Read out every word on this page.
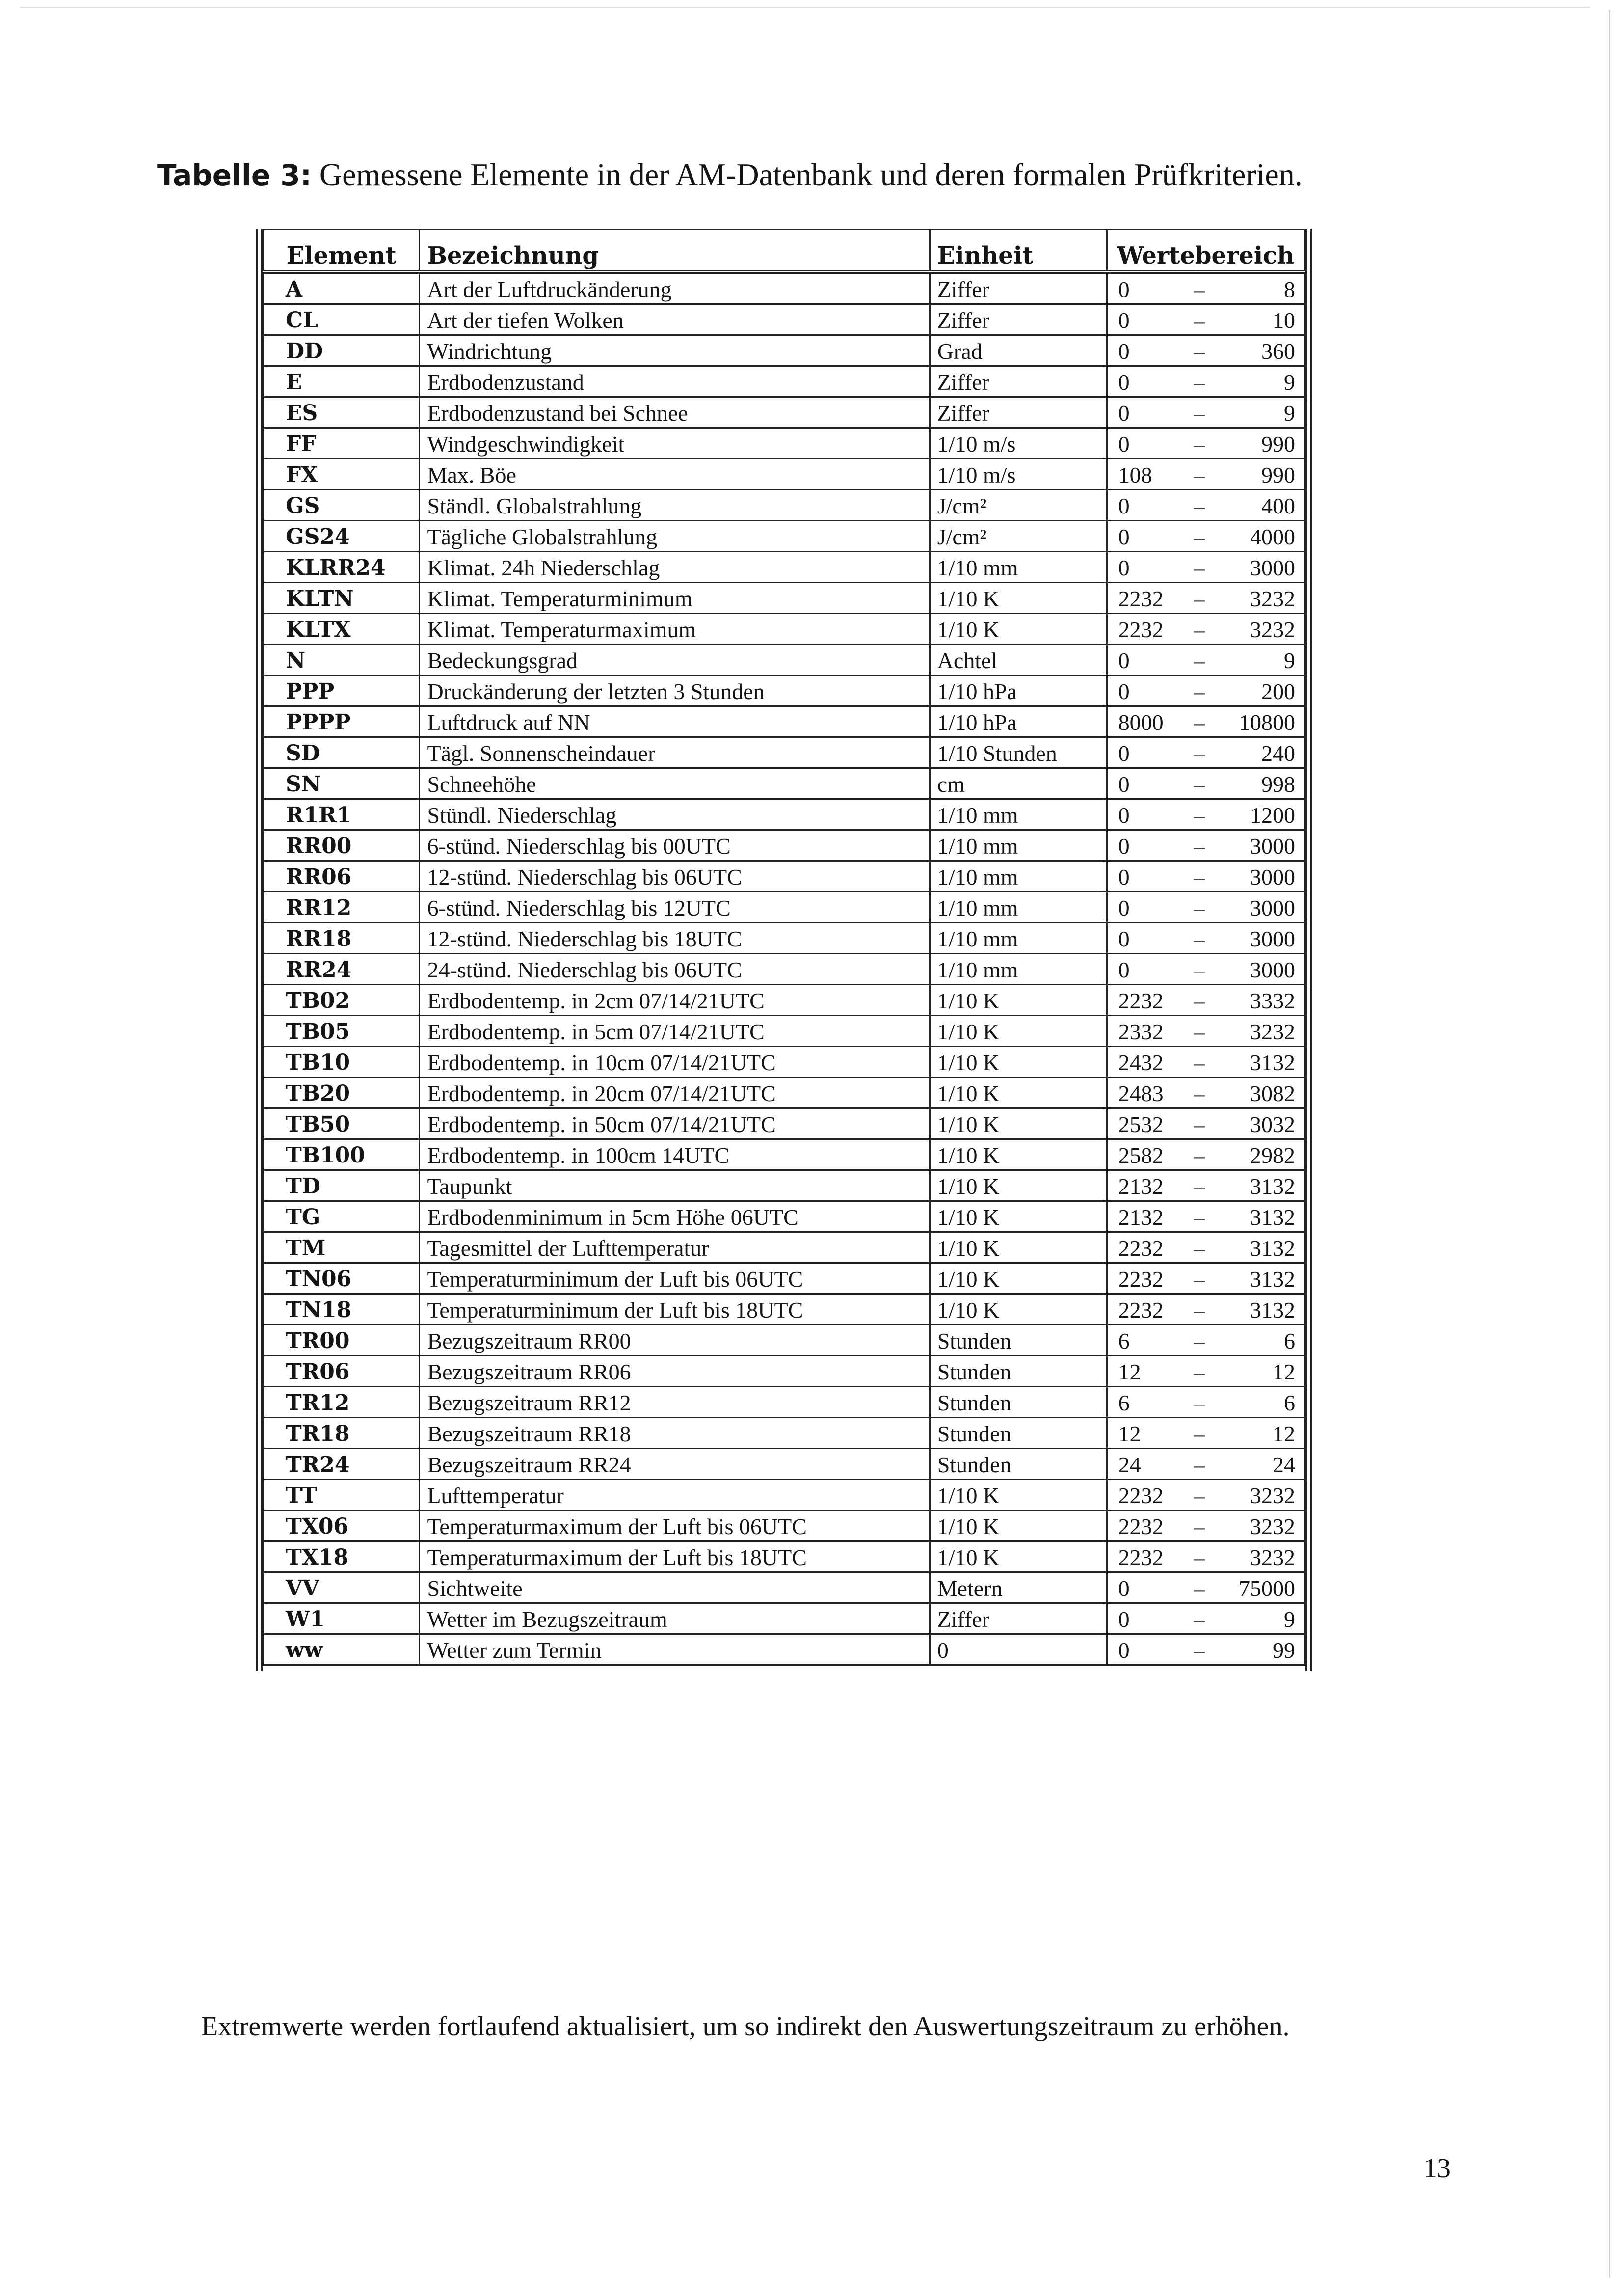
Tabelle 3: Gemessene Elemente in der AM-Datenbank und deren formalen Prüfkriterien.
Element	Bezeichnung	Einheit	Wertebereich
A	Art der Luftdruckänderung	Ziffer	0 – 8

CL	Art der tiefen Wolken	Ziffer	0 – 10

DD	Windrichtung	Grad	0 – 360

E	Erdbodenzustand	Ziffer	0 – 9

ES	Erdbodenzustand bei Schnee	Ziffer	0 – 9

FF	Windgeschwindigkeit	1/10 m/s	0 – 990

FX	Max. Böe	1/10 m/s	108 – 990

GS	Ständl. Globalstrahlung	J/cm²	0 – 400

GS24	Tägliche Globalstrahlung	J/cm²	0 – 4000

KLRR24	Klimat. 24h Niederschlag	1/10 mm	0 – 3000

KLTN	Klimat. Temperaturminimum	1/10 K	2232 – 3232

KLTX	Klimat. Temperaturmaximum	1/10 K	2232 – 3232

N	Bedeckungsgrad	Achtel	0 – 9

PPP	Druckänderung der letzten 3 Stunden	1/10 hPa	0 – 200

PPPP	Luftdruck auf NN	1/10 hPa	8000 – 10800

SD	Tägl. Sonnenscheindauer	1/10 Stunden	0 – 240

SN	Schneehöhe	cm	0 – 998

R1R1	Stündl. Niederschlag	1/10 mm	0 – 1200

RR00	6-stünd. Niederschlag bis 00UTC	1/10 mm	0 – 3000

RR06	12-stünd. Niederschlag bis 06UTC	1/10 mm	0 – 3000

RR12	6-stünd. Niederschlag bis 12UTC	1/10 mm	0 – 3000

RR18	12-stünd. Niederschlag bis 18UTC	1/10 mm	0 – 3000

RR24	24-stünd. Niederschlag bis 06UTC	1/10 mm	0 – 3000

TB02	Erdbodentemp. in 2cm 07/14/21UTC	1/10 K	2232 – 3332

TB05	Erdbodentemp. in 5cm 07/14/21UTC	1/10 K	2332 – 3232

TB10	Erdbodentemp. in 10cm 07/14/21UTC	1/10 K	2432 – 3132

TB20	Erdbodentemp. in 20cm 07/14/21UTC	1/10 K	2483 – 3082

TB50	Erdbodentemp. in 50cm 07/14/21UTC	1/10 K	2532 – 3032

TB100	Erdbodentemp. in 100cm 14UTC	1/10 K	2582 – 2982

TD	Taupunkt	1/10 K	2132 – 3132

TG	Erdbodenminimum in 5cm Höhe 06UTC	1/10 K	2132 – 3132

TM	Tagesmittel der Lufttemperatur	1/10 K	2232 – 3132

TN06	Temperaturminimum der Luft bis 06UTC	1/10 K	2232 – 3132

TN18	Temperaturminimum der Luft bis 18UTC	1/10 K	2232 – 3132

TR00	Bezugszeitraum RR00	Stunden	6 – 6

TR06	Bezugszeitraum RR06	Stunden	12 – 12

TR12	Bezugszeitraum RR12	Stunden	6 – 6

TR18	Bezugszeitraum RR18	Stunden	12 – 12

TR24	Bezugszeitraum RR24	Stunden	24 – 24

TT	Lufttemperatur	1/10 K	2232 – 3232

TX06	Temperaturmaximum der Luft bis 06UTC	1/10 K	2232 – 3232

TX18	Temperaturmaximum der Luft bis 18UTC	1/10 K	2232 – 3232

VV	Sichtweite	Metern	0 – 75000

W1	Wetter im Bezugszeitraum	Ziffer	0 – 9

ww	Wetter zum Termin	0	0 – 99
Extremwerte werden fortlaufend aktualisiert, um so indirekt den Auswertungszeitraum zu erhöhen.
13
